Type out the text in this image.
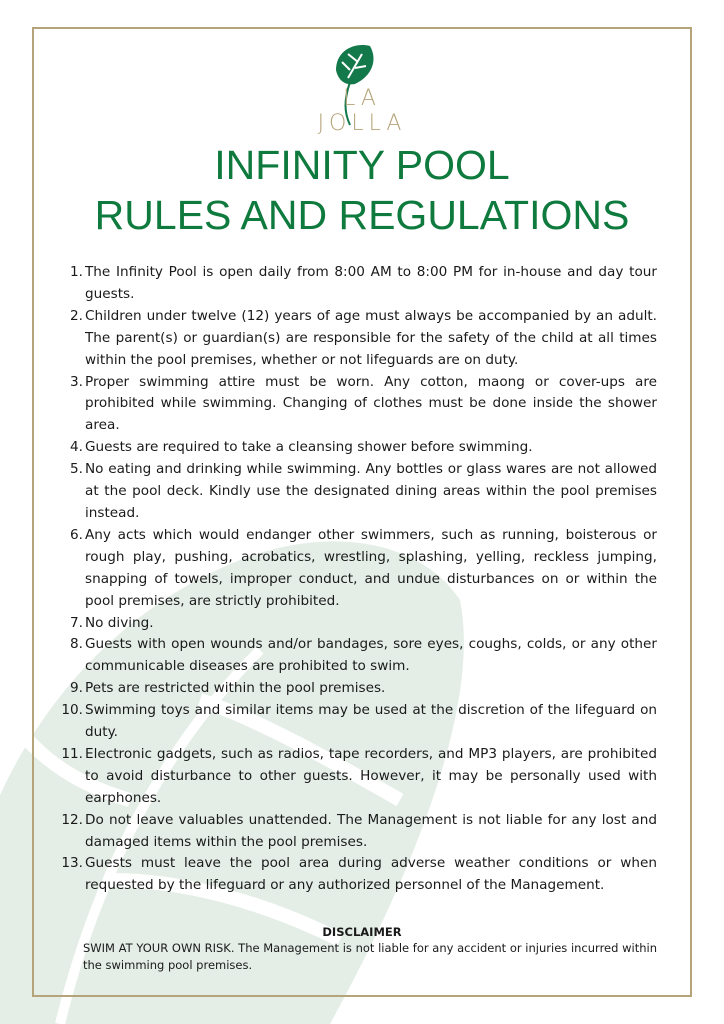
LA JOLLA
INFINITY POOL
RULES AND REGULATIONS
1. The Infinity Pool is open daily from 8:00 AM to 8:00 PM for in-house and day tour guests.
2. Children under twelve (12) years of age must always be accompanied by an adult. The parent(s) or guardian(s) are responsible for the safety of the child at all times within the pool premises, whether or not lifeguards are on duty.
3. Proper swimming attire must be worn. Any cotton, maong or cover-ups are prohibited while swimming. Changing of clothes must be done inside the shower area.
4. Guests are required to take a cleansing shower before swimming.
5. No eating and drinking while swimming. Any bottles or glass wares are not allowed at the pool deck. Kindly use the designated dining areas within the pool premises instead.
6. Any acts which would endanger other swimmers, such as running, boisterous or rough play, pushing, acrobatics, wrestling, splashing, yelling, reckless jumping, snapping of towels, improper conduct, and undue disturbances on or within the pool premises, are strictly prohibited.
7. No diving.
8. Guests with open wounds and/or bandages, sore eyes, coughs, colds, or any other communicable diseases are prohibited to swim.
9. Pets are restricted within the pool premises.
10. Swimming toys and similar items may be used at the discretion of the lifeguard on duty.
11. Electronic gadgets, such as radios, tape recorders, and MP3 players, are prohibited to avoid disturbance to other guests. However, it may be personally used with earphones.
12. Do not leave valuables unattended. The Management is not liable for any lost and damaged items within the pool premises.
13. Guests must leave the pool area during adverse weather conditions or when requested by the lifeguard or any authorized personnel of the Management.
DISCLAIMER
SWIM AT YOUR OWN RISK. The Management is not liable for any accident or injuries incurred within the swimming pool premises.
